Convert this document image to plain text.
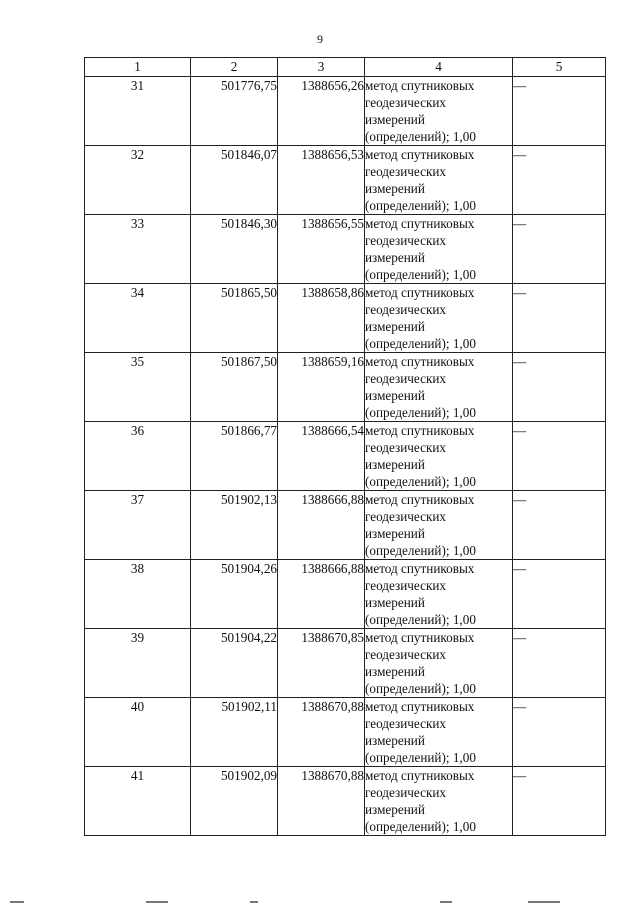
9
1	2	3	4	5
31	501776,75	1388656,26	метод спутниковых
геодезических
измерений
(определений); 1,00	—
32	501846,07	1388656,53	метод спутниковых
геодезических
измерений
(определений); 1,00	—
33	501846,30	1388656,55	метод спутниковых
геодезических
измерений
(определений); 1,00	—
34	501865,50	1388658,86	метод спутниковых
геодезических
измерений
(определений); 1,00	—
35	501867,50	1388659,16	метод спутниковых
геодезических
измерений
(определений); 1,00	—
36	501866,77	1388666,54	метод спутниковых
геодезических
измерений
(определений); 1,00	—
37	501902,13	1388666,88	метод спутниковых
геодезических
измерений
(определений); 1,00	—
38	501904,26	1388666,88	метод спутниковых
геодезических
измерений
(определений); 1,00	—
39	501904,22	1388670,85	метод спутниковых
геодезических
измерений
(определений); 1,00	—
40	501902,11	1388670,88	метод спутниковых
геодезических
измерений
(определений); 1,00	—
41	501902,09	1388670,88	метод спутниковых
геодезических
измерений
(определений); 1,00	—
